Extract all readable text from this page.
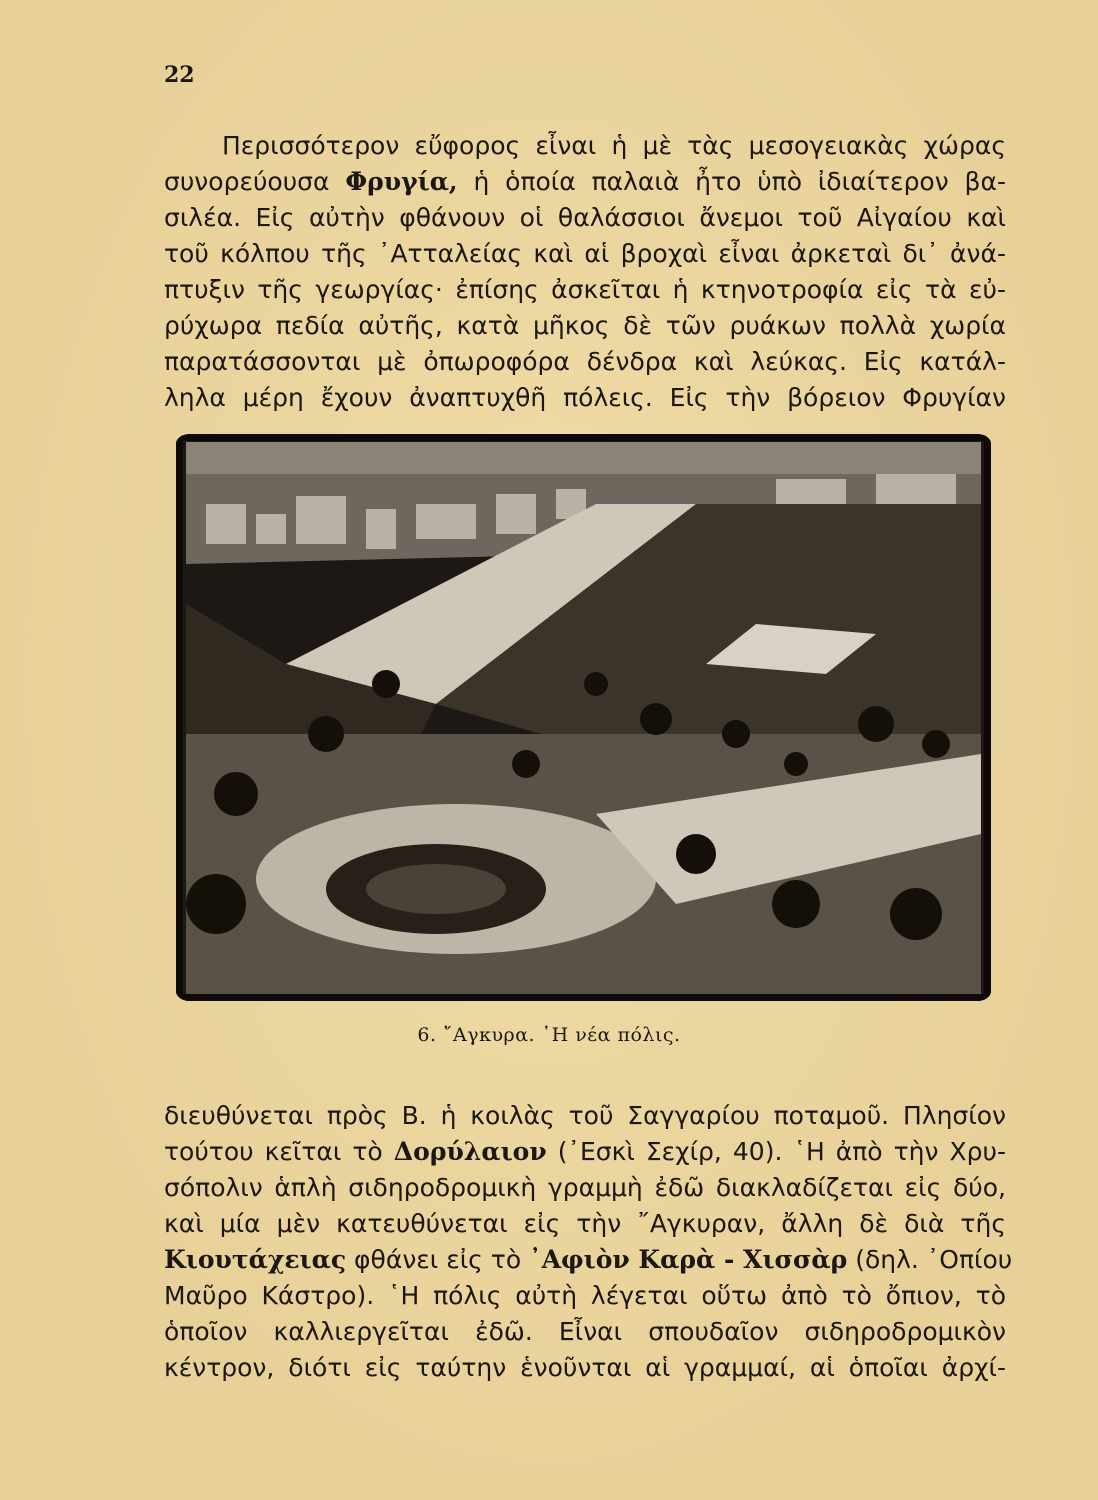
22
Περισσότερον εὔφορος εἶναι ἡ μὲ τὰς μεσογειακὰς χώρας
συνορεύουσα Φρυγία, ἡ ὁποία παλαιὰ ἦτο ὑπὸ ἰδιαίτερον βα-
σιλέα. Εἰς αὐτὴν φθάνουν οἱ θαλάσσιοι ἄνεμοι τοῦ Αἰγαίου καὶ
τοῦ κόλπου τῆς ᾿Ατταλείας καὶ αἱ βροχαὶ εἶναι ἀρκεταὶ δι᾿ ἀνά-
πτυξιν τῆς γεωργίας· ἐπίσης ἀσκεῖται ἡ κτηνοτροφία εἰς τὰ εὐ-
ρύχωρα πεδία αὐτῆς, κατὰ μῆκος δὲ τῶν ρυάκων πολλὰ χωρία
παρατάσσονται μὲ ὀπωροφόρα δένδρα καὶ λεύκας. Εἰς κατάλ-
ληλα μέρη ἔχουν ἀναπτυχθῆ πόλεις. Εἰς τὴν βόρειον Φρυγίαν
6. ῎Αγκυρα. ῾Η νέα πόλις.
διευθύνεται πρὸς Β. ἡ κοιλὰς τοῦ Σαγγαρίου ποταμοῦ. Πλησίον
τούτου κεῖται τὸ Δορύλαιον (᾿Εσκὶ Σεχίρ, 40). ῾Η ἀπὸ τὴν Χρυ-
σόπολιν ἁπλὴ σιδηροδρομικὴ γραμμὴ ἐδῶ διακλαδίζεται εἰς δύο,
καὶ μία μὲν κατευθύνεται εἰς τὴν ῎Αγκυραν, ἄλλη δὲ διὰ τῆς
Κιουτάχειας φθάνει εἰς τὸ ᾿Αφιὸν Καρὰ - Χισσὰρ (δηλ. ᾿Οπίου
Μαῦρο Κάστρο). ῾Η πόλις αὐτὴ λέγεται οὕτω ἀπὸ τὸ ὄπιον, τὸ
ὁποῖον καλλιεργεῖται ἐδῶ. Εἶναι σπουδαῖον σιδηροδρομικὸν
κέντρον, διότι εἰς ταύτην ἑνοῦνται αἱ γραμμαί, αἱ ὁποῖαι ἀρχί-
